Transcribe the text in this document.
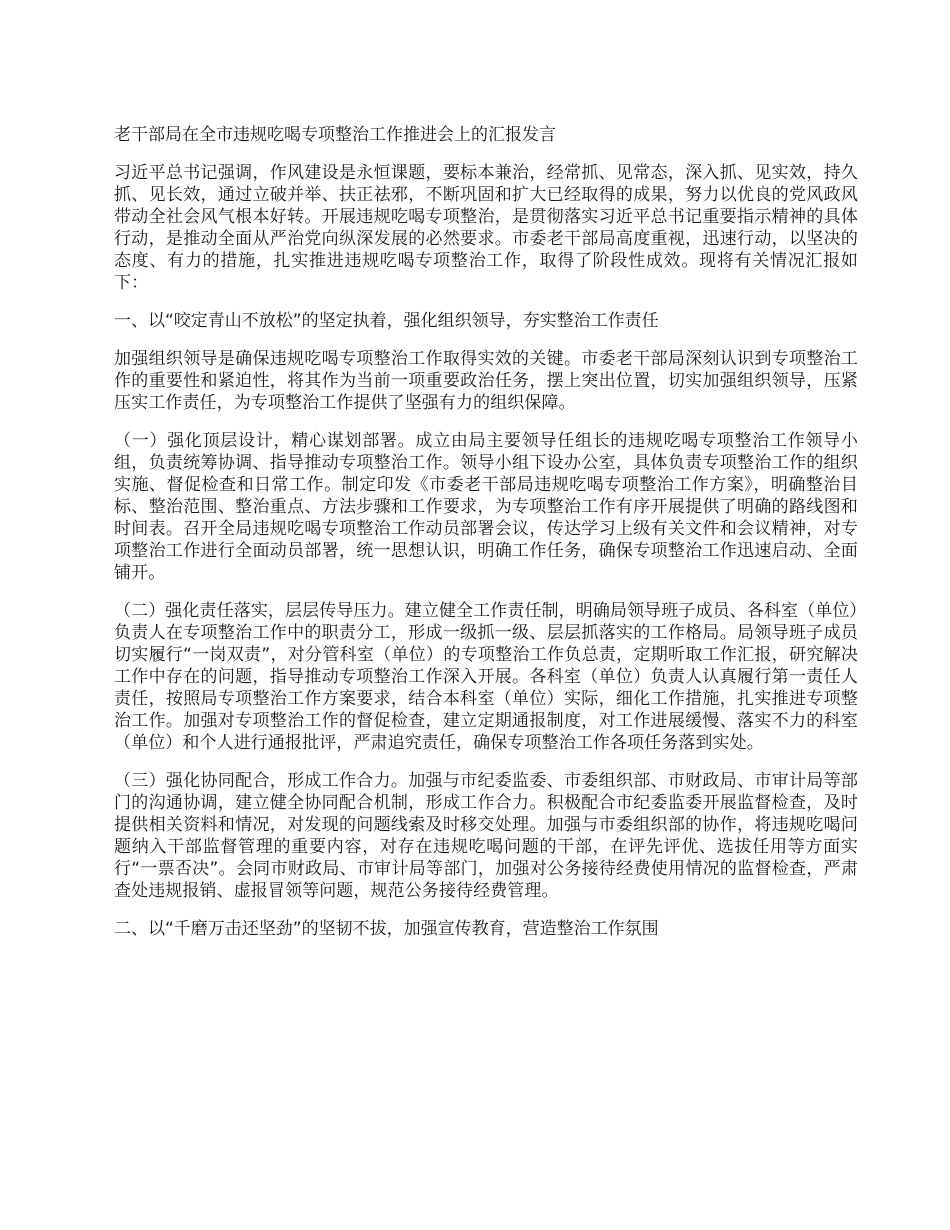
老干部局在全市违规吃喝专项整治工作推进会上的汇报发言

习近平总书记强调，作风建设是永恒课题，要标本兼治，经常抓、见常态，深入抓、见实效，持久抓、见长效，通过立破并举、扶正祛邪，不断巩固和扩大已经取得的成果，努力以优良的党风政风带动全社会风气根本好转。开展违规吃喝专项整治，是贯彻落实习近平总书记重要指示精神的具体行动，是推动全面从严治党向纵深发展的必然要求。市委老干部局高度重视，迅速行动，以坚决的态度、有力的措施，扎实推进违规吃喝专项整治工作，取得了阶段性成效。现将有关情况汇报如下：

一、以“咬定青山不放松”的坚定执着，强化组织领导，夯实整治工作责任

加强组织领导是确保违规吃喝专项整治工作取得实效的关键。市委老干部局深刻认识到专项整治工作的重要性和紧迫性，将其作为当前一项重要政治任务，摆上突出位置，切实加强组织领导，压紧压实工作责任，为专项整治工作提供了坚强有力的组织保障。

（一）强化顶层设计，精心谋划部署。成立由局主要领导任组长的违规吃喝专项整治工作领导小组，负责统筹协调、指导推动专项整治工作。领导小组下设办公室，具体负责专项整治工作的组织实施、督促检查和日常工作。制定印发《市委老干部局违规吃喝专项整治工作方案》，明确整治目标、整治范围、整治重点、方法步骤和工作要求，为专项整治工作有序开展提供了明确的路线图和时间表。召开全局违规吃喝专项整治工作动员部署会议，传达学习上级有关文件和会议精神，对专项整治工作进行全面动员部署，统一思想认识，明确工作任务，确保专项整治工作迅速启动、全面铺开。

（二）强化责任落实，层层传导压力。建立健全工作责任制，明确局领导班子成员、各科室（单位）负责人在专项整治工作中的职责分工，形成一级抓一级、层层抓落实的工作格局。局领导班子成员切实履行“一岗双责”，对分管科室（单位）的专项整治工作负总责，定期听取工作汇报，研究解决工作中存在的问题，指导推动专项整治工作深入开展。各科室（单位）负责人认真履行第一责任人责任，按照局专项整治工作方案要求，结合本科室（单位）实际，细化工作措施，扎实推进专项整治工作。加强对专项整治工作的督促检查，建立定期通报制度，对工作进展缓慢、落实不力的科室（单位）和个人进行通报批评，严肃追究责任，确保专项整治工作各项任务落到实处。

（三）强化协同配合，形成工作合力。加强与市纪委监委、市委组织部、市财政局、市审计局等部门的沟通协调，建立健全协同配合机制，形成工作合力。积极配合市纪委监委开展监督检查，及时提供相关资料和情况，对发现的问题线索及时移交处理。加强与市委组织部的协作，将违规吃喝问题纳入干部监督管理的重要内容，对存在违规吃喝问题的干部，在评先评优、选拔任用等方面实行“一票否决”。会同市财政局、市审计局等部门，加强对公务接待经费使用情况的监督检查，严肃查处违规报销、虚报冒领等问题，规范公务接待经费管理。

二、以“千磨万击还坚劲”的坚韧不拔，加强宣传教育，营造整治工作氛围
